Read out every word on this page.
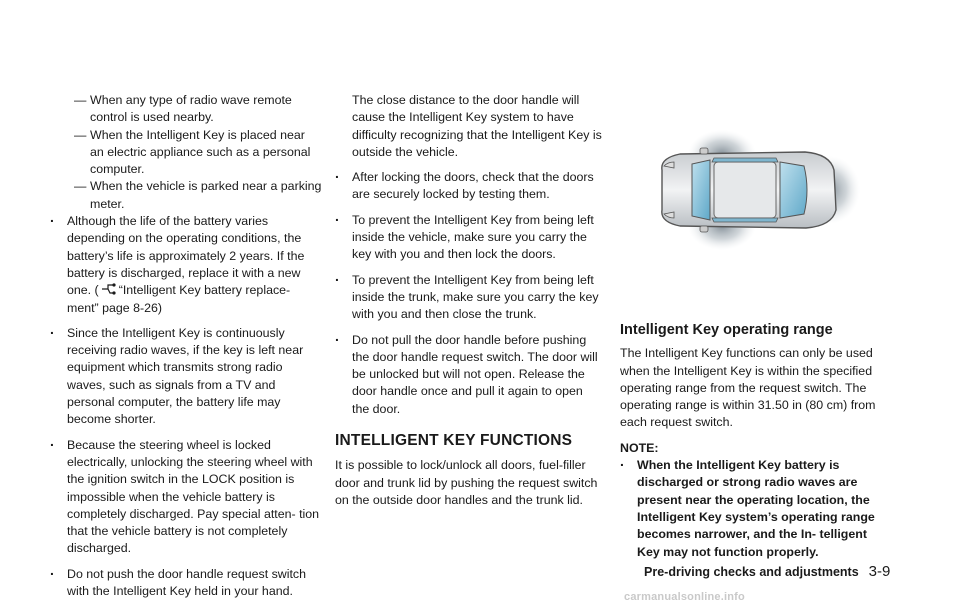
— When any type of radio wave remote control is used nearby.

— When the Intelligent Key is placed near an electric appliance such as a personal computer.

— When the vehicle is parked near a parking meter.

. Although the life of the battery varies depending on the operating conditions, the battery’s life is approximately 2 years. If the battery is discharged, replace it with a new one. ( “Intelligent Key battery replace- ment” page 8-26)

. Since the Intelligent Key is continuously receiving radio waves, if the key is left near equipment which transmits strong radio waves, such as signals from a TV and personal computer, the battery life may become shorter.

. Because the steering wheel is locked electrically, unlocking the steering wheel with the ignition switch in the LOCK position is impossible when the vehicle battery is completely discharged. Pay special atten- tion that the vehicle battery is not completely discharged.

. Do not push the door handle request switch with the Intelligent Key held in your hand.

The close distance to the door handle will cause the Intelligent Key system to have difficulty recognizing that the Intelligent Key is outside the vehicle.

. After locking the doors, check that the doors are securely locked by testing them.

. To prevent the Intelligent Key from being left inside the vehicle, make sure you carry the key with you and then lock the doors.

. To prevent the Intelligent Key from being left inside the trunk, make sure you carry the key with you and then close the trunk.

. Do not pull the door handle before pushing the door handle request switch. The door will be unlocked but will not open. Release the door handle once and pull it again to open the door.

INTELLIGENT KEY FUNCTIONS

It is possible to lock/unlock all doors, fuel-filler door and trunk lid by pushing the request switch on the outside door handles and the trunk lid.

Intelligent Key operating range

The Intelligent Key functions can only be used when the Intelligent Key is within the specified operating range from the request switch. The operating range is within 31.50 in (80 cm) from each request switch.

NOTE:

. When the Intelligent Key battery is discharged or strong radio waves are present near the operating location, the Intelligent Key system’s operating range becomes narrower, and the In- telligent Key may not function properly.

Pre-driving checks and adjustments 3-9
carmanualsonline.info
